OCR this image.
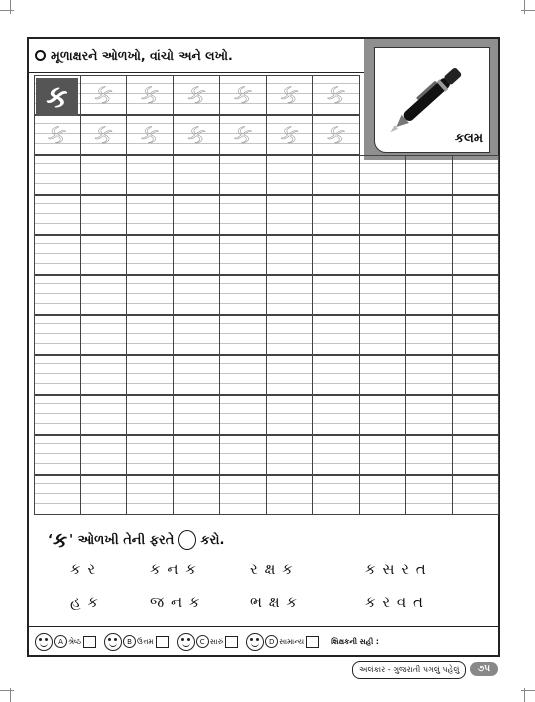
મૂળાક્ષરને ઓળખો, વાંચો અને લખો.
કલમ
ક	ક	ક	ક	ક	ક
ક	ક	ક	ક	ક	ક	ક
ક
‘ ક ' ઓળખી તેની ફરતે કરો.
ક ર	ક ન ક	ર ક્ષ ક	ક સ ર ત
હ ક	જ ન ક	ભ ક્ષ ક	ક ર વ ત
A શ્રેષ્ઠ	B ઉત્તમ	C સારું	D સામાન્ય	શિક્ષકની સહી :
અલંકાર - ગુજરાતી પગલું પહેલું	૭૫
